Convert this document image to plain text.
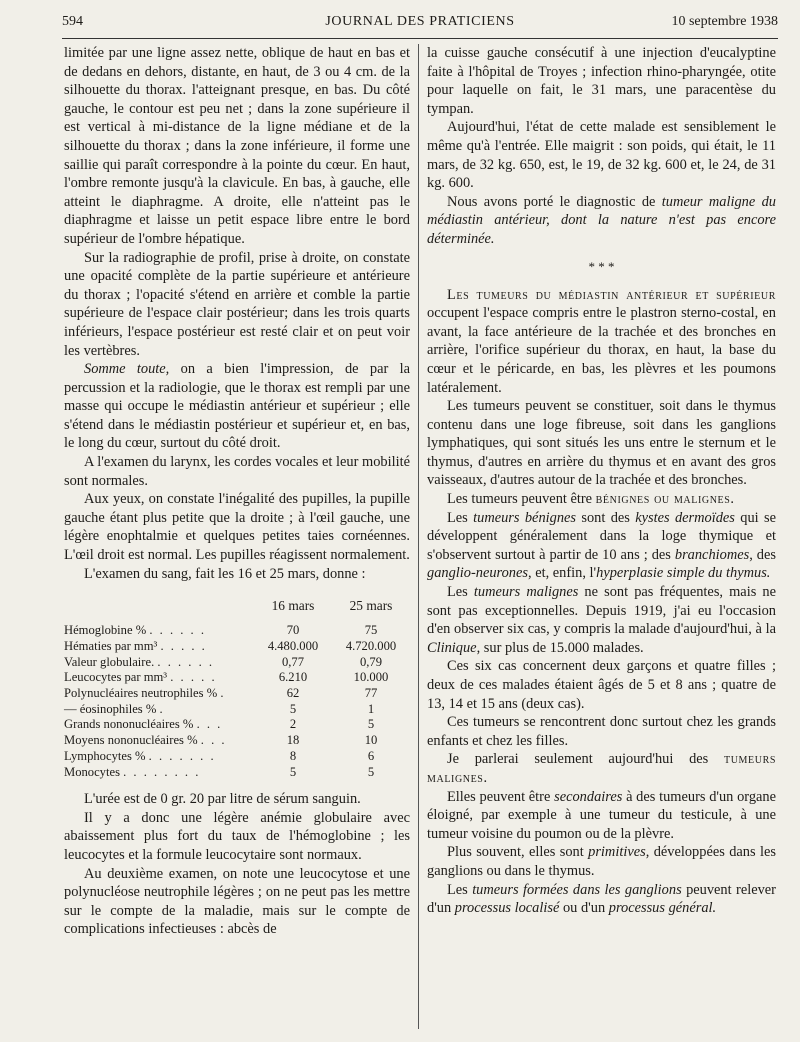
594	JOURNAL DES PRATICIENS	10 septembre 1938

limitée par une ligne assez nette, oblique de haut en bas et de dedans en dehors, distante, en haut, de 3 ou 4 cm. de la silhouette du thorax. l'atteignant presque, en bas. Du côté gauche, le contour est peu net ; dans la zone supérieure il est vertical à mi-distance de la ligne médiane et de la silhouette du thorax ; dans la zone inférieure, il forme une saillie qui paraît correspondre à la pointe du cœur. En haut, l'ombre remonte jusqu'à la clavicule. En bas, à gauche, elle atteint le diaphragme. A droite, elle n'atteint pas le diaphragme et laisse un petit espace libre entre le bord supérieur de l'ombre hépatique.

Sur la radiographie de profil, prise à droite, on constate une opacité complète de la partie supérieure et antérieure du thorax ; l'opacité s'étend en arrière et comble la partie supérieure de l'espace clair postérieur; dans les trois quarts inférieurs, l'espace postérieur est resté clair et on peut voir les vertèbres.

Somme toute, on a bien l'impression, de par la percussion et la radiologie, que le thorax est rempli par une masse qui occupe le médiastin antérieur et supérieur ; elle s'étend dans le médiastin postérieur et supérieur et, en bas, le long du cœur, surtout du côté droit.

A l'examen du larynx, les cordes vocales et leur mobilité sont normales.

Aux yeux, on constate l'inégalité des pupilles, la pupille gauche étant plus petite que la droite ; à l'œil gauche, une légère enophtalmie et quelques petites taies cornéennes. L'œil droit est normal. Les pupilles réagissent normalement.

L'examen du sang, fait les 16 et 25 mars, donne :

	16 mars	25 mars
Hémoglobine % . . . . . .	70	75
Hématies par mm³ . . . . .	4.480.000	4.720.000
Valeur globulaire. . . . . . .	0,77	0,79
Leucocytes par mm³ . . . . .	6.210	10.000
Polynucléaires neutrophiles % .	62	77
— éosinophiles % .	5	1
Grands nononucléaires % . . .	2	5
Moyens nononucléaires % . . .	18	10
Lymphocytes % . . . . . . .	8	6
Monocytes . . . . . . . .	5	5

L'urée est de 0 gr. 20 par litre de sérum sanguin.

Il y a donc une légère anémie globulaire avec abaissement plus fort du taux de l'hémoglobine ; les leucocytes et la formule leucocytaire sont normaux.

Au deuxième examen, on note une leucocytose et une polynucléose neutrophile légères ; on ne peut pas les mettre sur le compte de la maladie, mais sur le compte de complications infectieuses : abcès de

la cuisse gauche consécutif à une injection d'eucalyptine faite à l'hôpital de Troyes ; infection rhino-pharyngée, otite pour laquelle on fait, le 31 mars, une paracentèse du tympan.

Aujourd'hui, l'état de cette malade est sensiblement le même qu'à l'entrée. Elle maigrit : son poids, qui était, le 11 mars, de 32 kg. 650, est, le 19, de 32 kg. 600 et, le 24, de 31 kg. 600.

Nous avons porté le diagnostic de tumeur maligne du médiastin antérieur, dont la nature n'est pas encore déterminée.

* * *

Les tumeurs du médiastin antérieur et supérieur occupent l'espace compris entre le plastron sterno-costal, en avant, la face antérieure de la trachée et des bronches en arrière, l'orifice supérieur du thorax, en haut, la base du cœur et le péricarde, en bas, les plèvres et les poumons latéralement.

Les tumeurs peuvent se constituer, soit dans le thymus contenu dans une loge fibreuse, soit dans les ganglions lymphatiques, qui sont situés les uns entre le sternum et le thymus, d'autres en arrière du thymus et en avant des gros vaisseaux, d'autres autour de la trachée et des bronches.

Les tumeurs peuvent être bénignes ou malignes.

Les tumeurs bénignes sont des kystes dermoïdes qui se développent généralement dans la loge thymique et s'observent surtout à partir de 10 ans ; des branchiomes, des ganglio-neurones, et, enfin, l'hyperplasie simple du thymus.

Les tumeurs malignes ne sont pas fréquentes, mais ne sont pas exceptionnelles. Depuis 1919, j'ai eu l'occasion d'en observer six cas, y compris la malade d'aujourd'hui, à la Clinique, sur plus de 15.000 malades.

Ces six cas concernent deux garçons et quatre filles ; deux de ces malades étaient âgés de 5 et 8 ans ; quatre de 13, 14 et 15 ans (deux cas).

Ces tumeurs se rencontrent donc surtout chez les grands enfants et chez les filles.

Je parlerai seulement aujourd'hui des tumeurs malignes.

Elles peuvent être secondaires à des tumeurs d'un organe éloigné, par exemple à une tumeur du testicule, à une tumeur voisine du poumon ou de la plèvre.

Plus souvent, elles sont primitives, développées dans les ganglions ou dans le thymus.

Les tumeurs formées dans les ganglions peuvent relever d'un processus localisé ou d'un processus général.
